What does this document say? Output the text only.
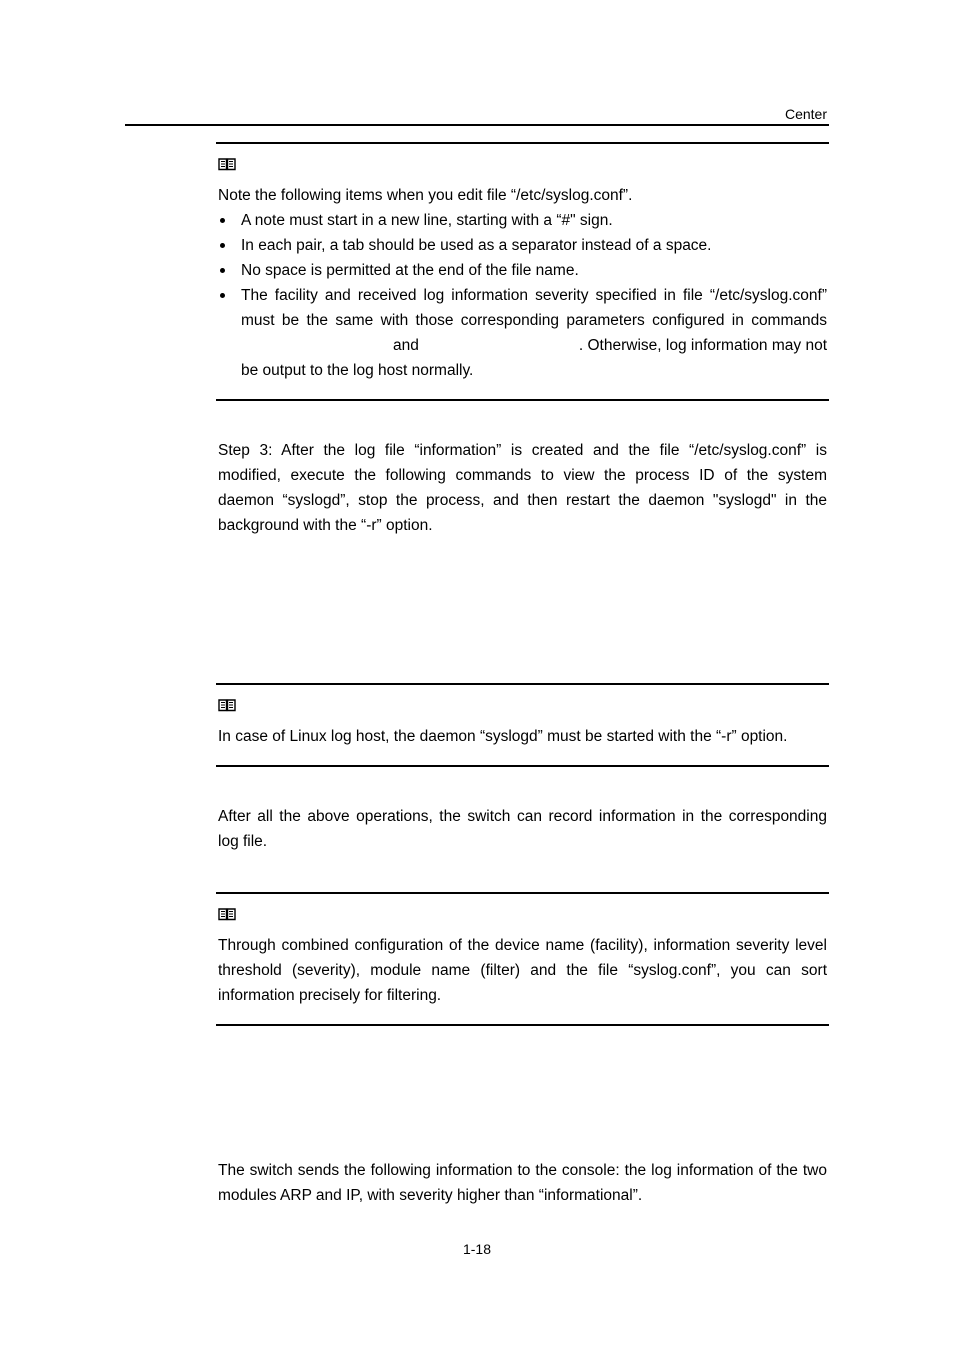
Center
Note the following items when you edit file “/etc/syslog.conf”.
A note must start in a new line, starting with a “#" sign.
In each pair, a tab should be used as a separator instead of a space.
No space is permitted at the end of the file name.
The facility and received log information severity specified in file “/etc/syslog.conf”
must be the same with those corresponding parameters configured in commands
and	. Otherwise, log information may not
be output to the log host normally.
Step 3: After the log file “information” is created and the file “/etc/syslog.conf” is
modified, execute the following commands to view the process ID of the system
daemon “syslogd”, stop the process, and then restart the daemon "syslogd" in the
background with the “-r” option.
In case of Linux log host, the daemon “syslogd” must be started with the “-r” option.
After all the above operations, the switch can record information in the corresponding
log file.
Through combined configuration of the device name (facility), information severity level
threshold (severity), module name (filter) and the file “syslog.conf”, you can sort
information precisely for filtering.
The switch sends the following information to the console: the log information of the two
modules ARP and IP, with severity higher than “informational”.
1-18
